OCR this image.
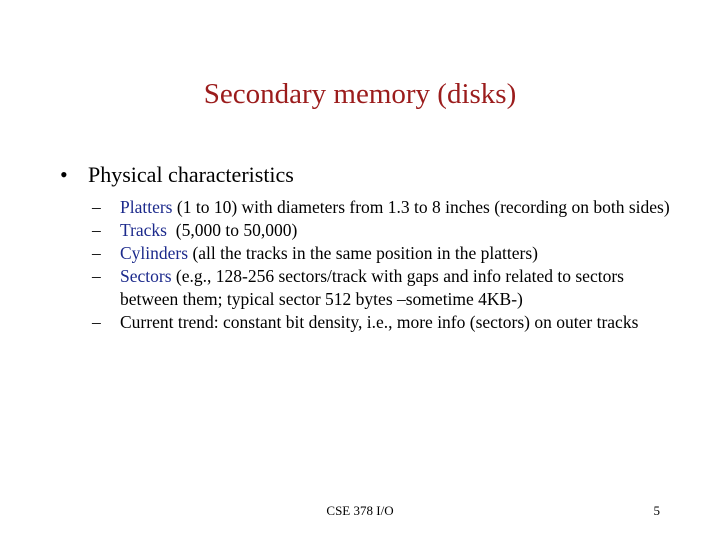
Secondary memory (disks)
• Physical characteristics
– Platters (1 to 10) with diameters from 1.3 to 8 inches (recording on both sides)
– Tracks  (5,000 to 50,000)
– Cylinders (all the tracks in the same position in the platters)
– Sectors (e.g., 128-256 sectors/track with gaps and info related to sectors between them; typical sector 512 bytes –sometime 4KB-)
– Current trend: constant bit density, i.e., more info (sectors) on outer tracks
CSE 378 I/O	5
